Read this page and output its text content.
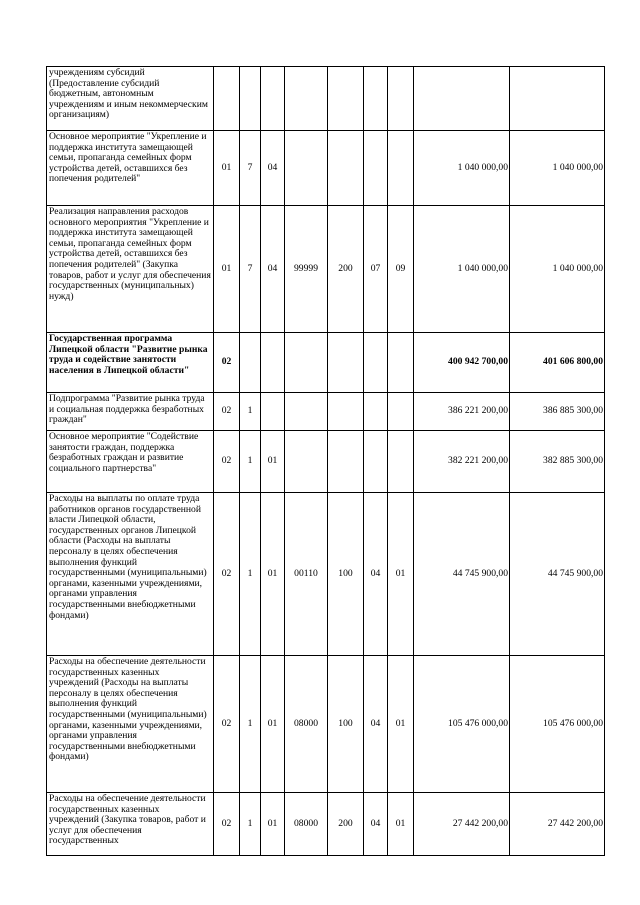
учреждениям субсидий (Предоставление субсидий бюджетным, автономным учреждениям и иным некоммерческим организациям)									
Основное мероприятие "Укрепление и поддержка института замещающей семьи, пропаганда семейных форм устройства детей, оставшихся без попечения родителей"	01	7	04					1 040 000,00	1 040 000,00
Реализация направления расходов основного мероприятия "Укрепление и поддержка института замещающей семьи, пропаганда семейных форм устройства детей, оставшихся без попечения родителей" (Закупка товаров, работ и услуг для обеспечения государственных (муниципальных) нужд)	01	7	04	99999	200	07	09	1 040 000,00	1 040 000,00
Государственная программа Липецкой области "Развитие рынка труда и содействие занятости населения в Липецкой области"	02							400 942 700,00	401 606 800,00
Подпрограмма "Развитие рынка труда и социальная поддержка безработных граждан"	02	1						386 221 200,00	386 885 300,00
Основное мероприятие "Содействие занятости граждан, поддержка безработных граждан и развитие социального партнерства"	02	1	01					382 221 200,00	382 885 300,00
Расходы на выплаты по оплате труда работников органов государственной власти Липецкой области, государственных органов Липецкой области (Расходы на выплаты персоналу в целях обеспечения выполнения функций государственными (муниципальными) органами, казенными учреждениями, органами управления государственными внебюджетными фондами)	02	1	01	00110	100	04	01	44 745 900,00	44 745 900,00
Расходы на обеспечение деятельности государственных казенных учреждений (Расходы на выплаты персоналу в целях обеспечения выполнения функций государственными (муниципальными) органами, казенными учреждениями, органами управления государственными внебюджетными фондами)	02	1	01	08000	100	04	01	105 476 000,00	105 476 000,00
Расходы на обеспечение деятельности государственных казенных учреждений (Закупка товаров, работ и услуг для обеспечения государственных	02	1	01	08000	200	04	01	27 442 200,00	27 442 200,00
